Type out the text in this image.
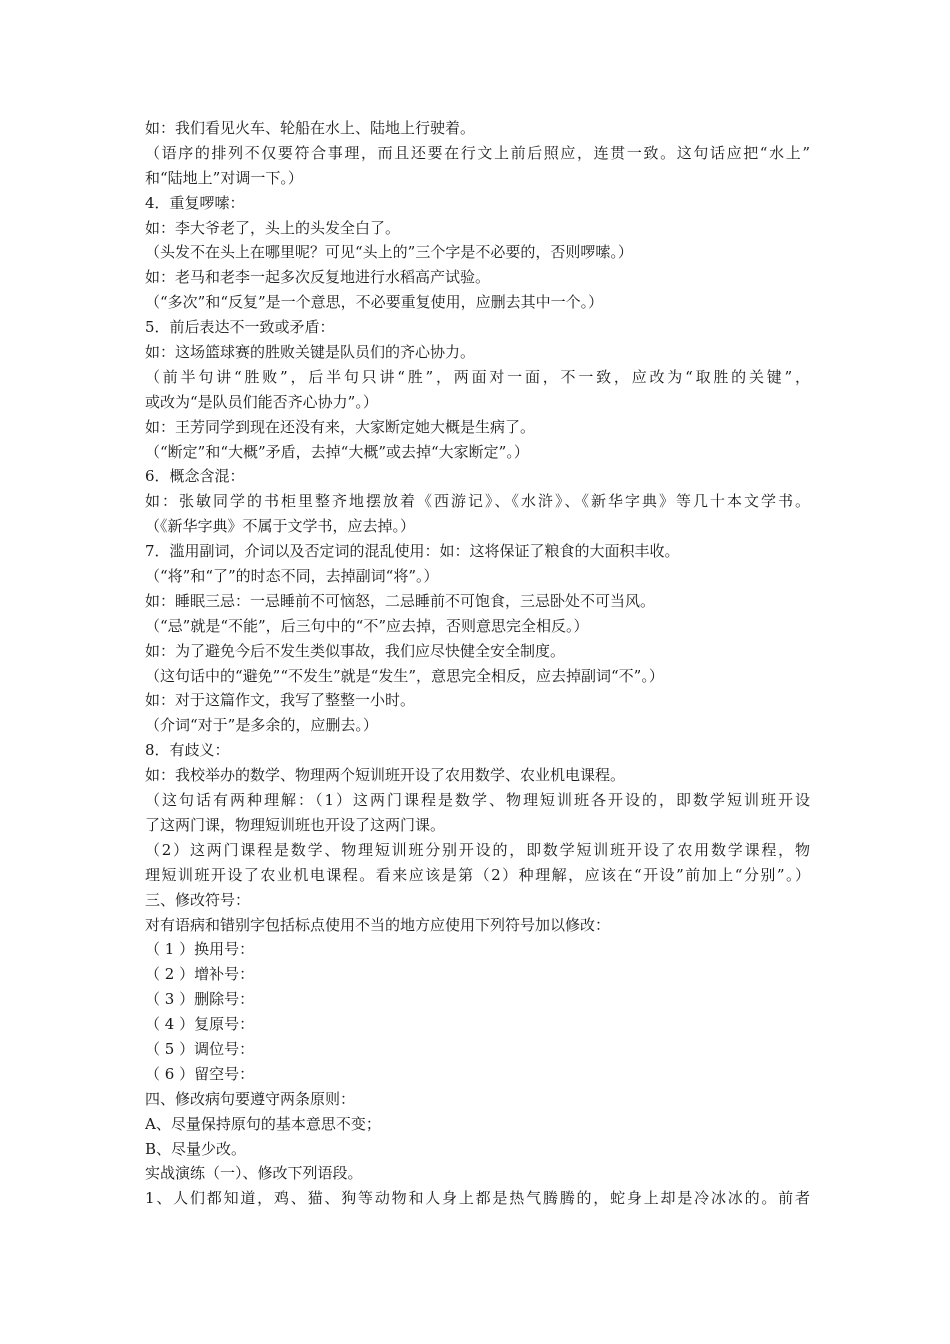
如：我们看见火车、轮船在水上、陆地上行驶着。
（语序的排列不仅要符合事理，而且还要在行文上前后照应，连贯一致。这句话应把“水上”
和“陆地上”对调一下。）
4．重复啰嗦：
如：李大爷老了，头上的头发全白了。
（头发不在头上在哪里呢？可见“头上的”三个字是不必要的，否则啰嗦。）
如：老马和老李一起多次反复地进行水稻高产试验。
（“多次”和“反复”是一个意思，不必要重复使用，应删去其中一个。）
5．前后表达不一致或矛盾：
如：这场篮球赛的胜败关键是队员们的齐心协力。
（前半句讲“胜败”，后半句只讲“胜”，两面对一面，不一致，应改为“取胜的关键”，
或改为“是队员们能否齐心协力”。）
如：王芳同学到现在还没有来，大家断定她大概是生病了。
（“断定”和“大概”矛盾，去掉“大概”或去掉“大家断定”。）
6．概念含混：
如：张敏同学的书柜里整齐地摆放着《西游记》、《水浒》、《新华字典》等几十本文学书。
（《新华字典》不属于文学书，应去掉。）
7．滥用副词，介词以及否定词的混乱使用：如：这将保证了粮食的大面积丰收。
（“将”和“了”的时态不同，去掉副词“将”。）
如：睡眠三忌：一忌睡前不可恼怒，二忌睡前不可饱食，三忌卧处不可当风。
（“忌”就是“不能”，后三句中的“不”应去掉，否则意思完全相反。）
如：为了避免今后不发生类似事故，我们应尽快健全安全制度。
（这句话中的“避免”“不发生”就是“发生”，意思完全相反，应去掉副词“不”。）
如：对于这篇作文，我写了整整一小时。
（介词“对于”是多余的，应删去。）
8．有歧义：
如：我校举办的数学、物理两个短训班开设了农用数学、农业机电课程。
（这句话有两种理解：（1）这两门课程是数学、物理短训班各开设的，即数学短训班开设
了这两门课，物理短训班也开设了这两门课。
（2）这两门课程是数学、物理短训班分别开设的，即数学短训班开设了农用数学课程，物
理短训班开设了农业机电课程。看来应该是第（2）种理解，应该在“开设”前加上“分别”。）
三、修改符号：
对有语病和错别字包括标点使用不当的地方应使用下列符号加以修改：
（ 1 ）换用号：
（ 2 ）增补号：
（ 3 ）删除号：
（ 4 ）复原号：
（ 5 ）调位号：
（ 6 ）留空号：
四、修改病句要遵守两条原则：
A、尽量保持原句的基本意思不变；
B、尽量少改。
实战演练（一）、修改下列语段。
1、人们都知道，鸡、猫、狗等动物和人身上都是热气腾腾的，蛇身上却是冷冰冰的。前者
